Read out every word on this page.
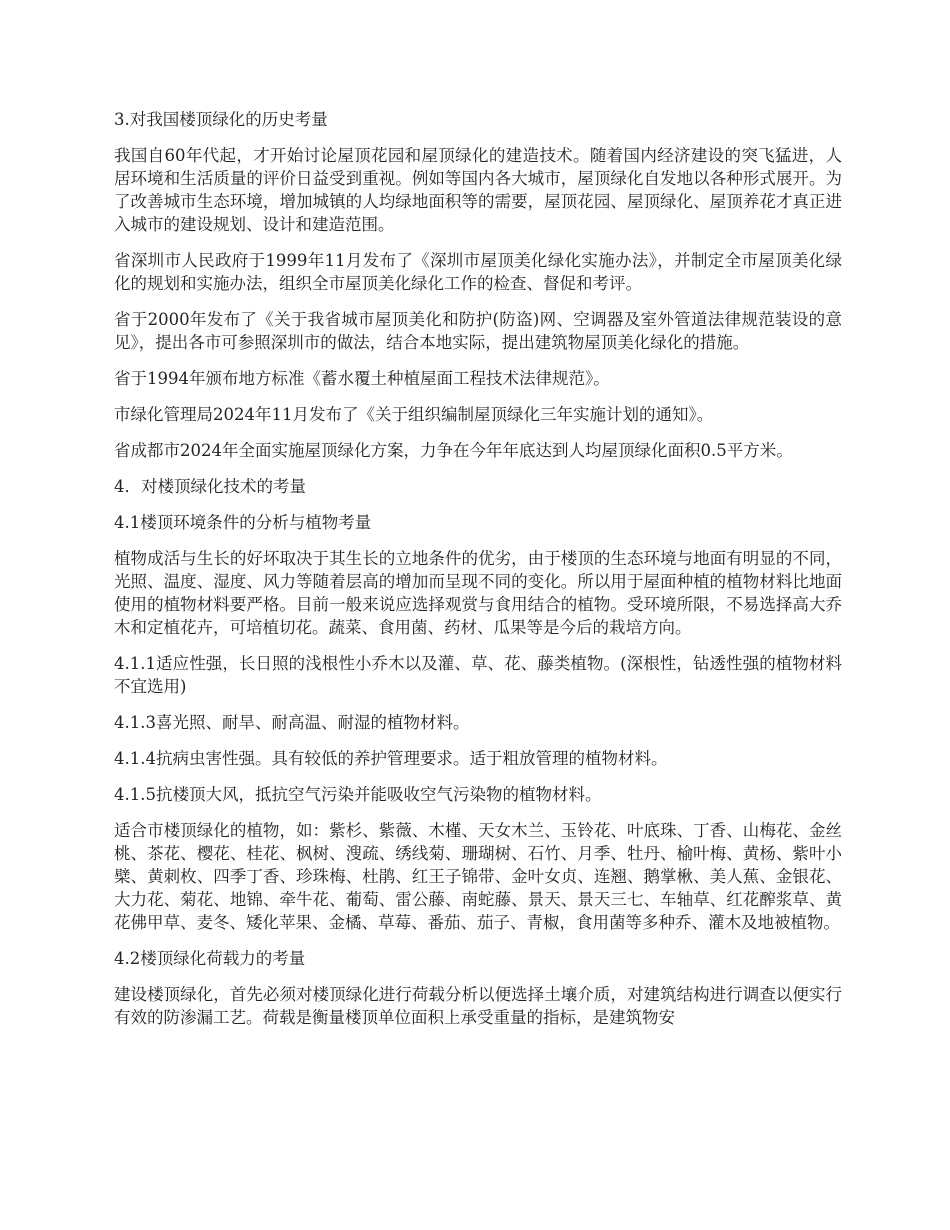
3.对我国楼顶绿化的历史考量

我国自60年代起，才开始讨论屋顶花园和屋顶绿化的建造技术。随着国内经济建设的突飞猛进，人居环境和生活质量的评价日益受到重视。例如等国内各大城市，屋顶绿化自发地以各种形式展开。为了改善城市生态环境，增加城镇的人均绿地面积等的需要，屋顶花园、屋顶绿化、屋顶养花才真正进入城市的建设规划、设计和建造范围。

省深圳市人民政府于1999年11月发布了《深圳市屋顶美化绿化实施办法》，并制定全市屋顶美化绿化的规划和实施办法，组织全市屋顶美化绿化工作的检查、督促和考评。

省于2000年发布了《关于我省城市屋顶美化和防护(防盗)网、空调器及室外管道法律规范装设的意见》，提出各市可参照深圳市的做法，结合本地实际，提出建筑物屋顶美化绿化的措施。

省于1994年颁布地方标准《蓄水覆土种植屋面工程技术法律规范》。

市绿化管理局2024年11月发布了《关于组织编制屋顶绿化三年实施计划的通知》。

省成都市2024年全面实施屋顶绿化方案，力争在今年年底达到人均屋顶绿化面积0.5平方米。

4．对楼顶绿化技术的考量

4.1楼顶环境条件的分析与植物考量

植物成活与生长的好坏取决于其生长的立地条件的优劣，由于楼顶的生态环境与地面有明显的不同，光照、温度、湿度、风力等随着层高的增加而呈现不同的变化。所以用于屋面种植的植物材料比地面使用的植物材料要严格。目前一般来说应选择观赏与食用结合的植物。受环境所限，不易选择高大乔木和定植花卉，可培植切花。蔬菜、食用菌、药材、瓜果等是今后的栽培方向。

4.1.1适应性强，长日照的浅根性小乔木以及灌、草、花、藤类植物。(深根性，钻透性强的植物材料不宜选用)

4.1.3喜光照、耐旱、耐高温、耐湿的植物材料。

4.1.4抗病虫害性强。具有较低的养护管理要求。适于粗放管理的植物材料。

4.1.5抗楼顶大风，抵抗空气污染并能吸收空气污染物的植物材料。

适合市楼顶绿化的植物，如：紫杉、紫薇、木槿、天女木兰、玉铃花、叶底珠、丁香、山梅花、金丝桃、茶花、樱花、桂花、枫树、溲疏、绣线菊、珊瑚树、石竹、月季、牡丹、榆叶梅、黄杨、紫叶小檗、黄刺枚、四季丁香、珍珠梅、杜鹃、红王子锦带、金叶女贞、连翘、鹅掌楸、美人蕉、金银花、大力花、菊花、地锦、牵牛花、葡萄、雷公藤、南蛇藤、景天、景天三七、车轴草、红花醡浆草、黄花佛甲草、麦冬、矮化苹果、金橘、草莓、番茄、茄子、青椒，食用菌等多种乔、灌木及地被植物。

4.2楼顶绿化荷载力的考量

建设楼顶绿化，首先必须对楼顶绿化进行荷载分析以便选择土壤介质，对建筑结构进行调查以便实行有效的防渗漏工艺。荷载是衡量楼顶单位面积上承受重量的指标，是建筑物安
